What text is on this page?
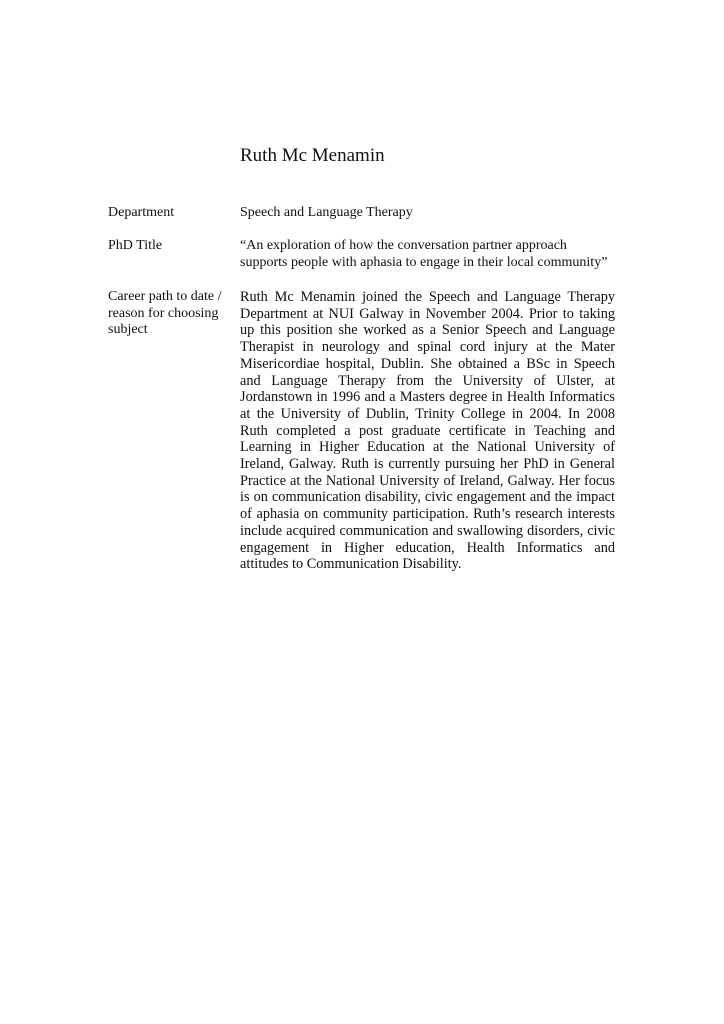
Ruth Mc Menamin
Department	Speech and Language Therapy
PhD Title	“An exploration of how the conversation partner approach supports people with aphasia to engage in their local community”
Career path to date / reason for choosing subject
Ruth Mc Menamin joined the Speech and Language Therapy Department at NUI Galway in November 2004. Prior to taking up this position she worked as a Senior Speech and Language Therapist in neurology and spinal cord injury at the Mater Misericordiae hospital, Dublin. She obtained a BSc in Speech and Language Therapy from the University of Ulster, at Jordanstown in 1996 and a Masters degree in Health Informatics at the University of Dublin, Trinity College in 2004. In 2008 Ruth completed a post graduate certificate in Teaching and Learning in Higher Education at the National University of Ireland, Galway. Ruth is currently pursuing her PhD in General Practice at the National University of Ireland, Galway. Her focus is on communication disability, civic engagement and the impact of aphasia on community participation. Ruth’s research interests include acquired communication and swallowing disorders, civic engagement in Higher education, Health Informatics and attitudes to Communication Disability.
